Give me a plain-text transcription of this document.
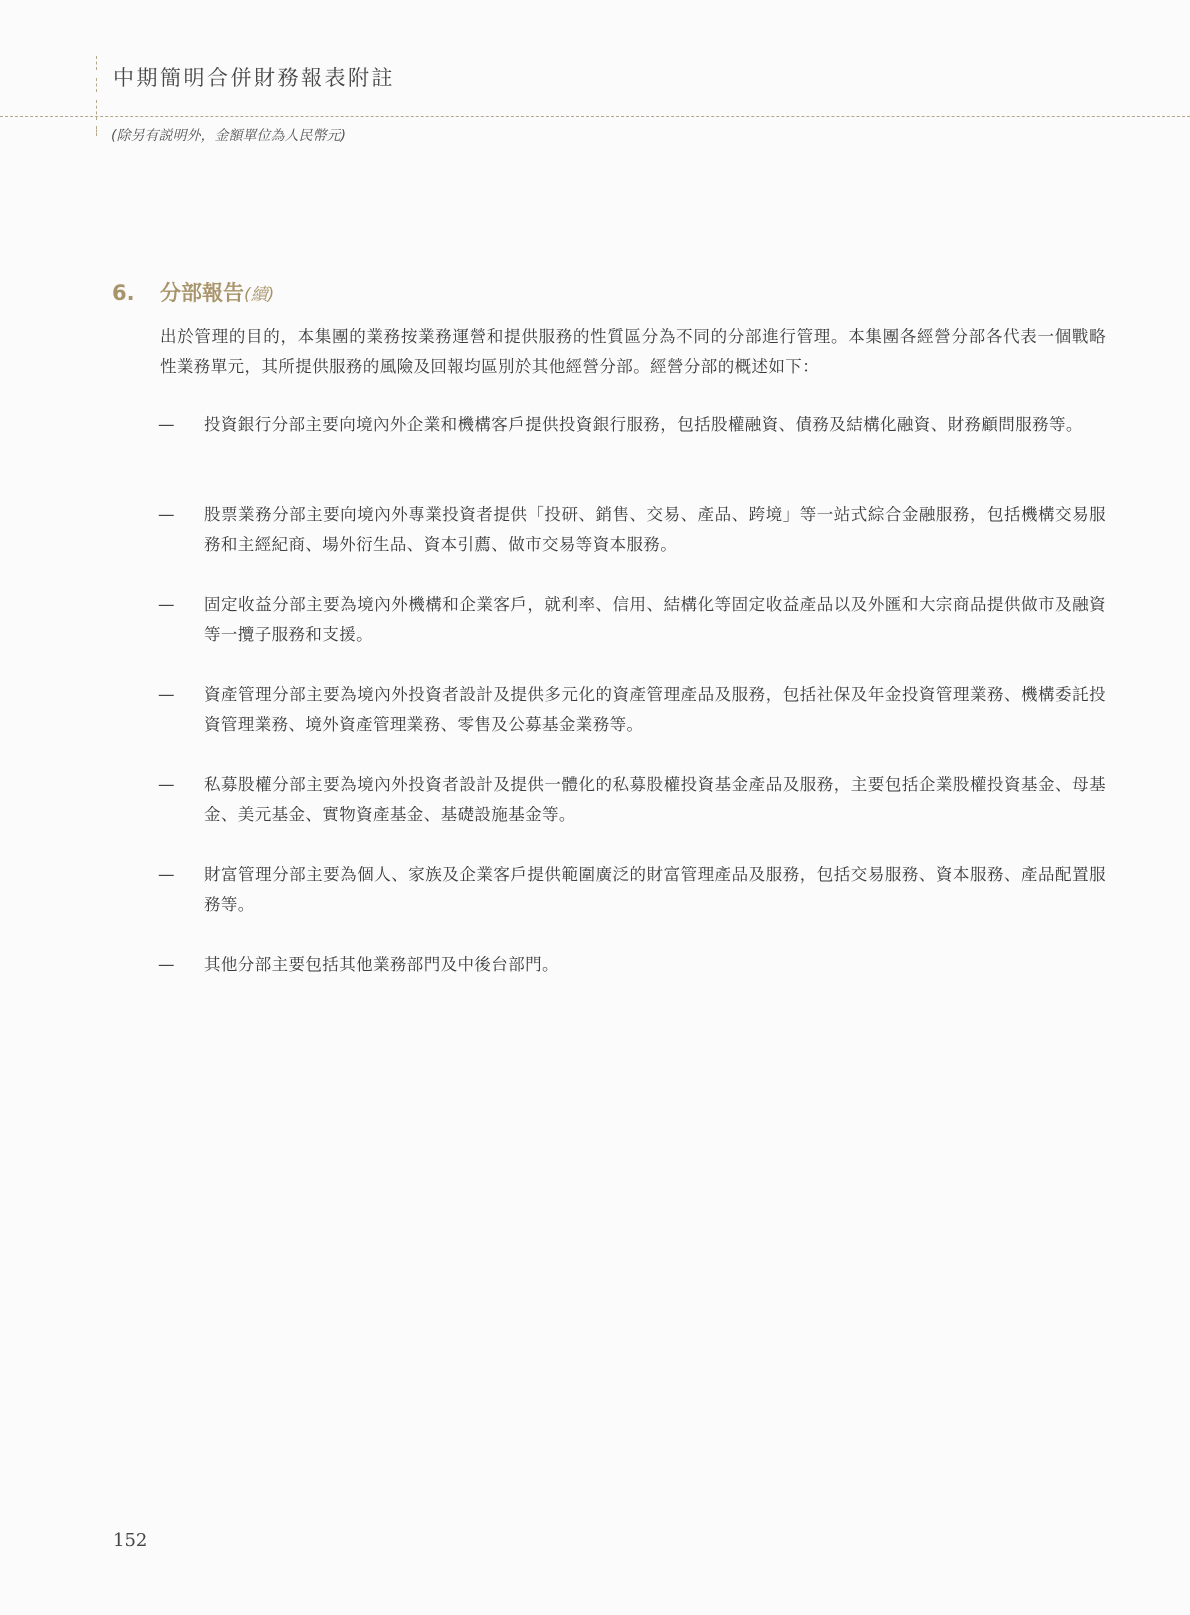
中期簡明合併財務報表附註
(除另有説明外，金額單位為人民幣元)
6. 分部報告(續)
出於管理的目的，本集團的業務按業務運營和提供服務的性質區分為不同的分部進行管理。本集團各經營分部各代表一個戰略性業務單元，其所提供服務的風險及回報均區別於其他經營分部。經營分部的概述如下：
— 投資銀行分部主要向境內外企業和機構客戶提供投資銀行服務，包括股權融資、債務及結構化融資、財務顧問服務等。
— 股票業務分部主要向境內外專業投資者提供「投研、銷售、交易、產品、跨境」等一站式綜合金融服務，包括機構交易服務和主經紀商、場外衍生品、資本引薦、做市交易等資本服務。
— 固定收益分部主要為境內外機構和企業客戶，就利率、信用、結構化等固定收益產品以及外匯和大宗商品提供做市及融資等一攬子服務和支援。
— 資產管理分部主要為境內外投資者設計及提供多元化的資產管理產品及服務，包括社保及年金投資管理業務、機構委託投資管理業務、境外資產管理業務、零售及公募基金業務等。
— 私募股權分部主要為境內外投資者設計及提供一體化的私募股權投資基金產品及服務，主要包括企業股權投資基金、母基金、美元基金、實物資產基金、基礎設施基金等。
— 財富管理分部主要為個人、家族及企業客戶提供範圍廣泛的財富管理產品及服務，包括交易服務、資本服務、產品配置服務等。
— 其他分部主要包括其他業務部門及中後台部門。
152
